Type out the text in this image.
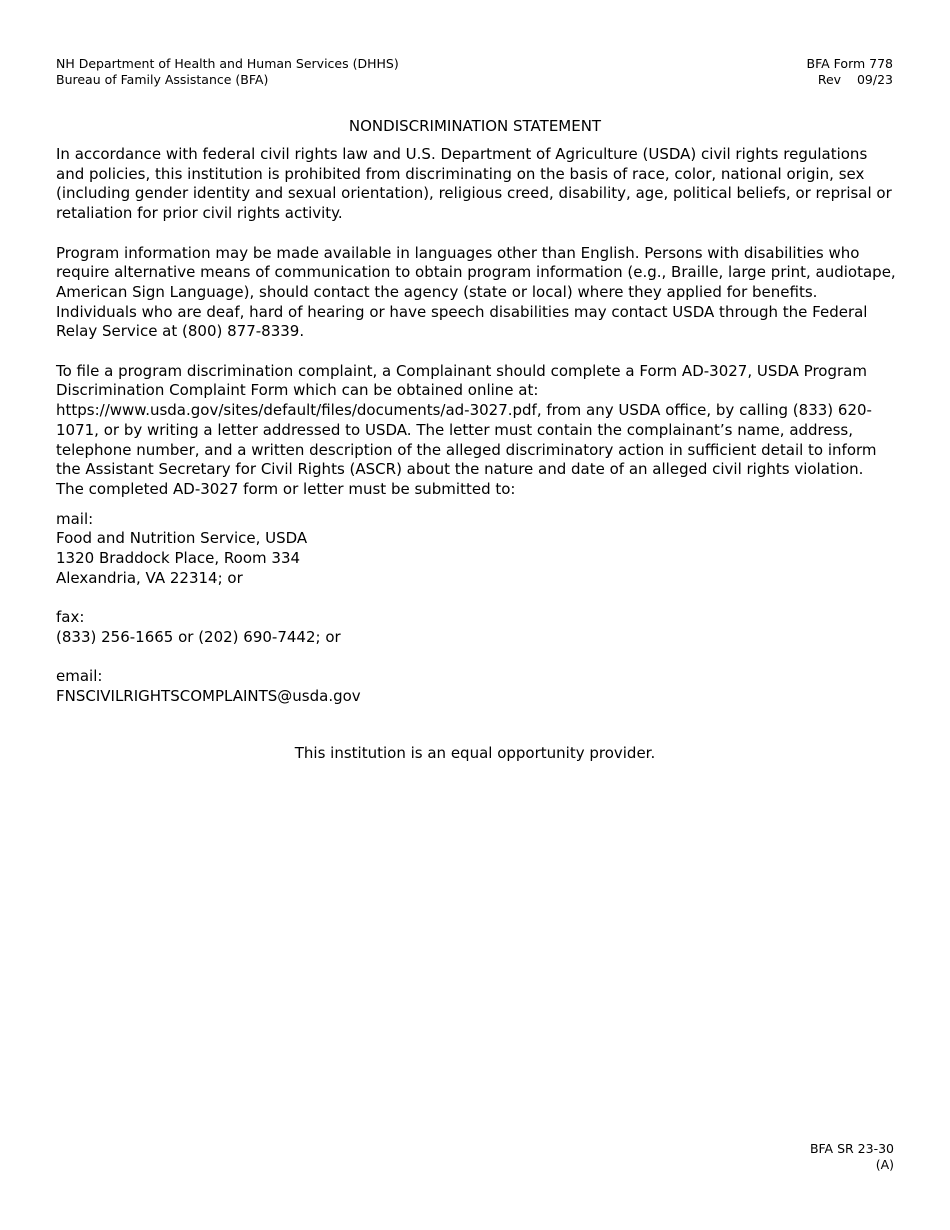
NH Department of Health and Human Services (DHHS)
Bureau of Family Assistance (BFA)
BFA Form 778
Rev    09/23
NONDISCRIMINATION STATEMENT

In accordance with federal civil rights law and U.S. Department of Agriculture (USDA) civil rights regulations and policies, this institution is prohibited from discriminating on the basis of race, color, national origin, sex (including gender identity and sexual orientation), religious creed, disability, age, political beliefs, or reprisal or retaliation for prior civil rights activity.

Program information may be made available in languages other than English. Persons with disabilities who require alternative means of communication to obtain program information (e.g., Braille, large print, audiotape, American Sign Language), should contact the agency (state or local) where they applied for benefits. Individuals who are deaf, hard of hearing or have speech disabilities may contact USDA through the Federal Relay Service at (800) 877-8339.

To file a program discrimination complaint, a Complainant should complete a Form AD-3027, USDA Program Discrimination Complaint Form which can be obtained online at: https://www.usda.gov/sites/default/files/documents/ad-3027.pdf, from any USDA office, by calling (833) 620-1071, or by writing a letter addressed to USDA. The letter must contain the complainant’s name, address, telephone number, and a written description of the alleged discriminatory action in sufficient detail to inform the Assistant Secretary for Civil Rights (ASCR) about the nature and date of an alleged civil rights violation. The completed AD-3027 form or letter must be submitted to:

mail:
Food and Nutrition Service, USDA
1320 Braddock Place, Room 334
Alexandria, VA 22314; or
fax:
(833) 256-1665 or (202) 690-7442; or
email:
FNSCIVILRIGHTSCOMPLAINTS@usda.gov
This institution is an equal opportunity provider.
BFA SR 23-30
(A)
